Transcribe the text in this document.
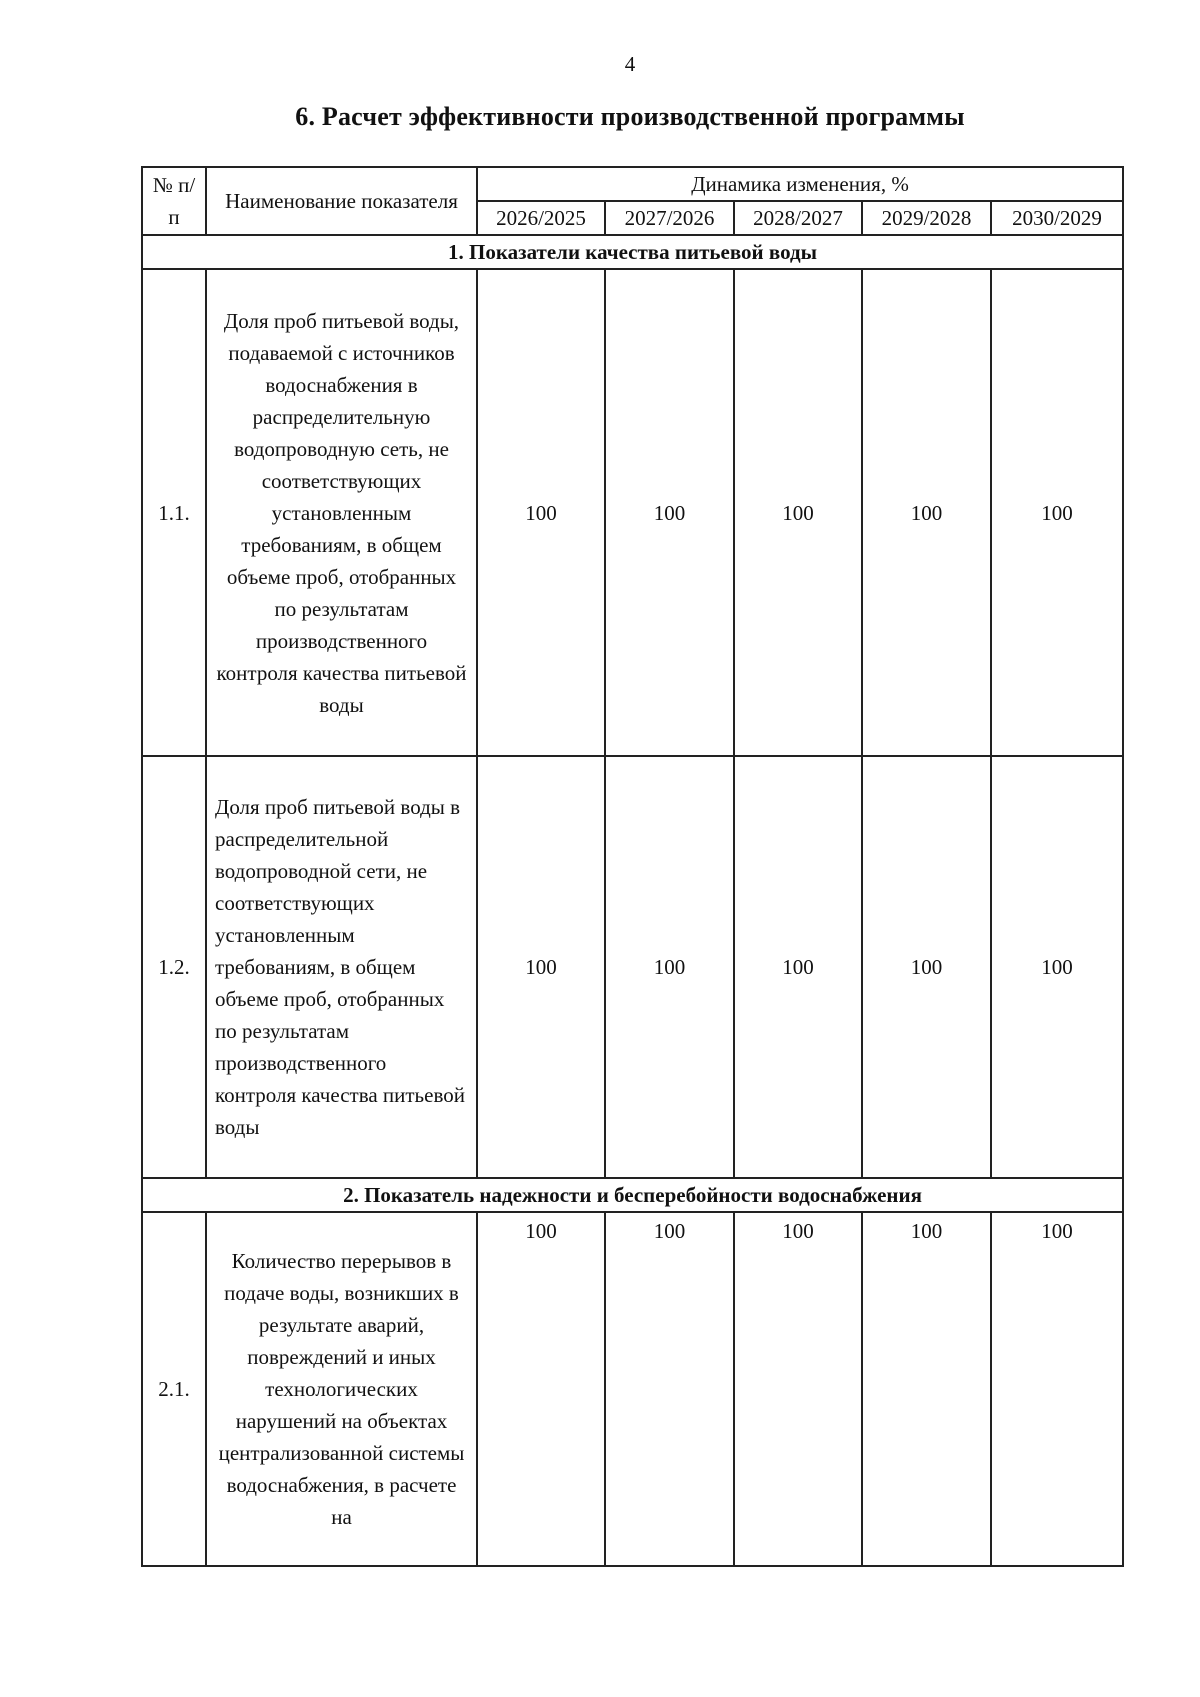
4
6. Расчет эффективности производственной программы
№ п/п	Наименование показателя	Динамика изменения, %				
		2026/2025	2027/2026	2028/2027	2029/2028	2030/2029
1. Показатели качества питьевой воды						
1.1.	Доля проб питьевой воды, подаваемой с источников водоснабжения в распределительную водопроводную сеть, не соответствующих установленным требованиям, в общем объеме проб, отобранных по результатам производственного контроля качества питьевой воды	100	100	100	100	100
1.2.	Доля проб питьевой воды в распределительной водопроводной сети, не соответствующих установленным требованиям, в общем объеме проб, отобранных по результатам производственного контроля качества питьевой воды	100	100	100	100	100
2. Показатель надежности и бесперебойности водоснабжения						
2.1.	Количество перерывов в подаче воды, возникших в результате аварий, повреждений и иных технологических нарушений на объектах централизованной системы водоснабжения, в расчете на	100	100	100	100	100
